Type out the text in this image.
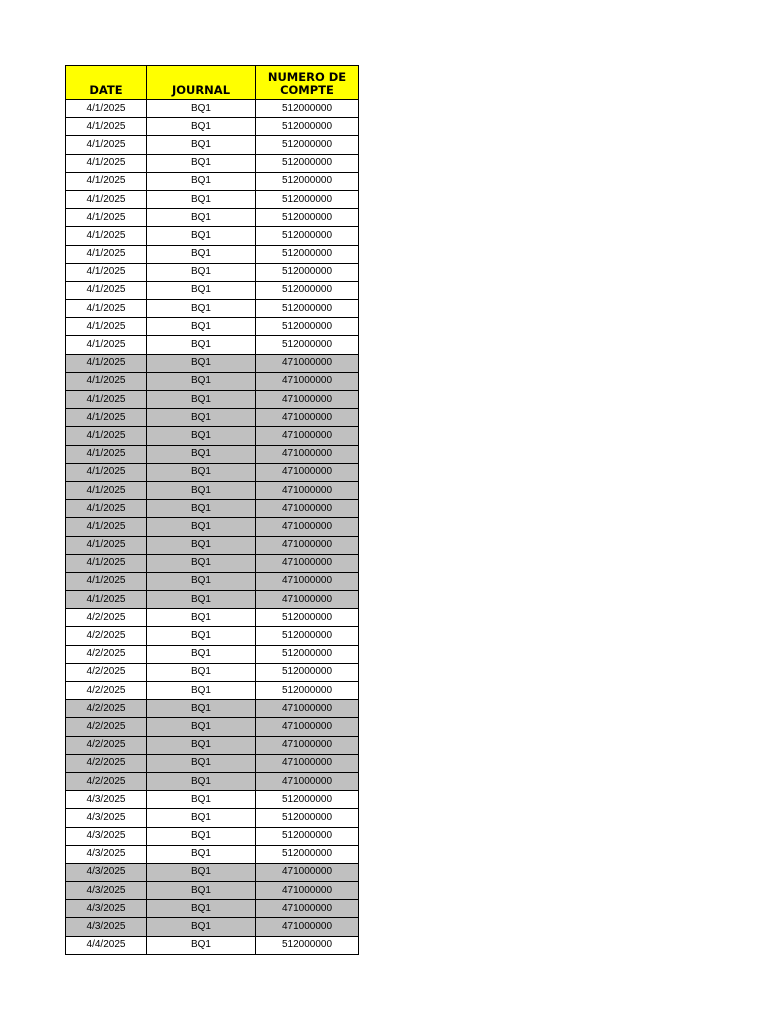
DATE	JOURNAL	NUMERO DE
COMPTE
4/1/2025	BQ1	512000000
4/1/2025	BQ1	512000000
4/1/2025	BQ1	512000000
4/1/2025	BQ1	512000000
4/1/2025	BQ1	512000000
4/1/2025	BQ1	512000000
4/1/2025	BQ1	512000000
4/1/2025	BQ1	512000000
4/1/2025	BQ1	512000000
4/1/2025	BQ1	512000000
4/1/2025	BQ1	512000000
4/1/2025	BQ1	512000000
4/1/2025	BQ1	512000000
4/1/2025	BQ1	512000000
4/1/2025	BQ1	471000000
4/1/2025	BQ1	471000000
4/1/2025	BQ1	471000000
4/1/2025	BQ1	471000000
4/1/2025	BQ1	471000000
4/1/2025	BQ1	471000000
4/1/2025	BQ1	471000000
4/1/2025	BQ1	471000000
4/1/2025	BQ1	471000000
4/1/2025	BQ1	471000000
4/1/2025	BQ1	471000000
4/1/2025	BQ1	471000000
4/1/2025	BQ1	471000000
4/1/2025	BQ1	471000000
4/2/2025	BQ1	512000000
4/2/2025	BQ1	512000000
4/2/2025	BQ1	512000000
4/2/2025	BQ1	512000000
4/2/2025	BQ1	512000000
4/2/2025	BQ1	471000000
4/2/2025	BQ1	471000000
4/2/2025	BQ1	471000000
4/2/2025	BQ1	471000000
4/2/2025	BQ1	471000000
4/3/2025	BQ1	512000000
4/3/2025	BQ1	512000000
4/3/2025	BQ1	512000000
4/3/2025	BQ1	512000000
4/3/2025	BQ1	471000000
4/3/2025	BQ1	471000000
4/3/2025	BQ1	471000000
4/3/2025	BQ1	471000000
4/4/2025	BQ1	512000000
